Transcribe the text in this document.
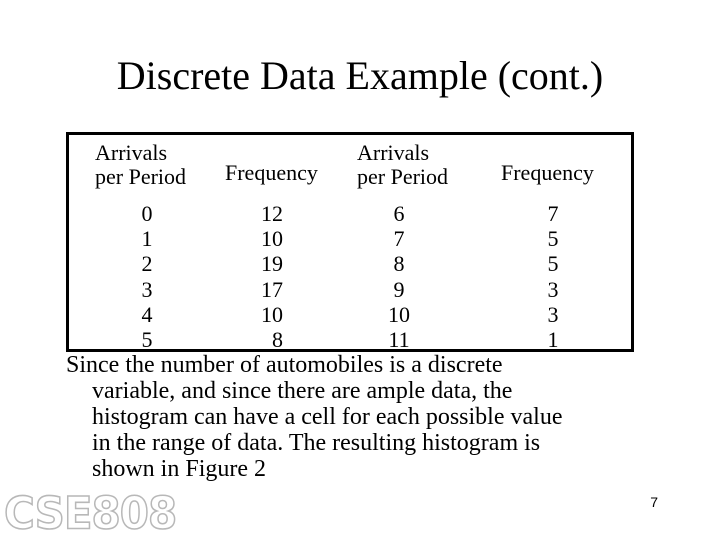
Discrete Data Example (cont.)
Arrivals
per Period Frequency
Arrivals
per Period Frequency
0
1
2
3
4
5
12
10
19
17
10
8
6
7
8
9
10
11
7
5
5
3
3
1
Since the number of automobiles is a discrete
variable, and since there are ample data, the
histogram can have a cell for each possible value
in the range of data. The resulting histogram is
shown in Figure 2
CSE808	7
